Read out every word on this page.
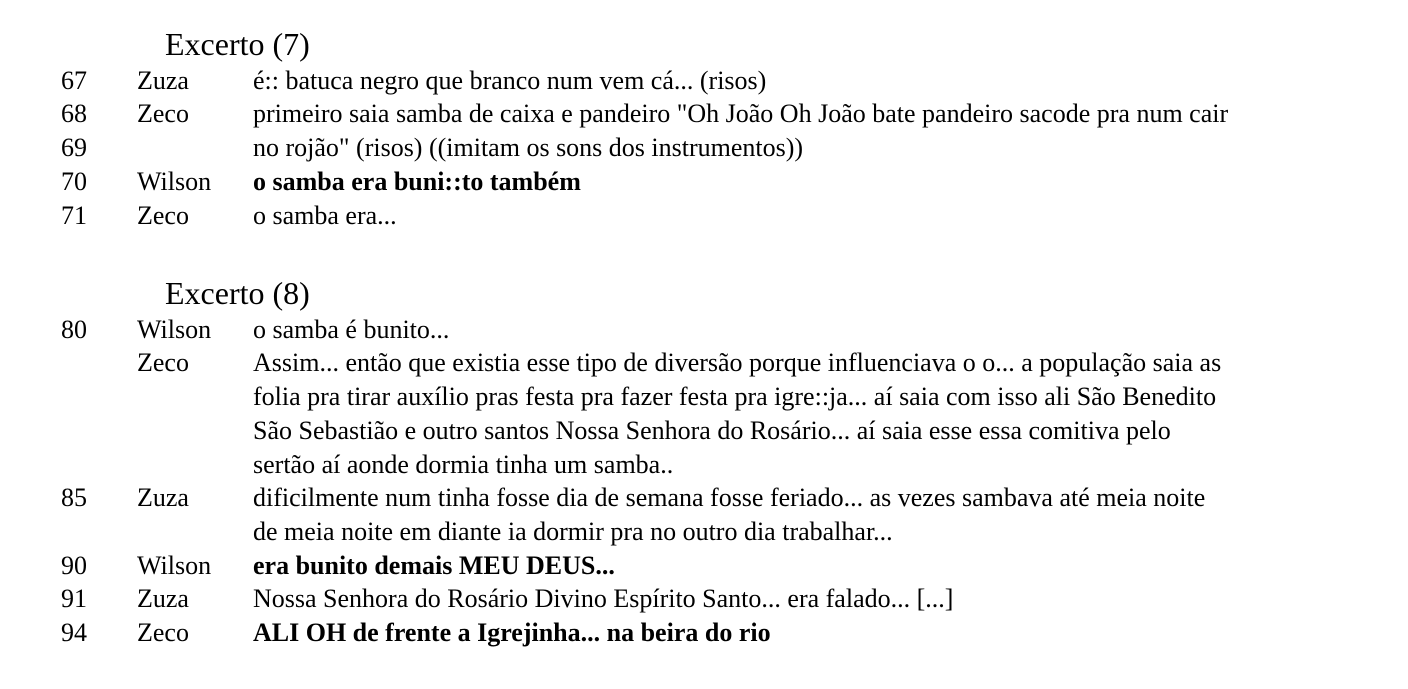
Excerto (7)
67 Zuza é:: batuca negro que branco num vem cá... (risos)
68 Zeco primeiro saia samba de caixa e pandeiro "Oh João Oh João bate pandeiro sacode pra num cair
69	no rojão" (risos) ((imitam os sons dos instrumentos))
70 Wilson o samba era buni::to também
71 Zeco o samba era...
Excerto (8)
80 Wilson o samba é bunito...
Zeco Assim... então que existia esse tipo de diversão porque influenciava o o... a população saia as
folia pra tirar auxílio pras festa pra fazer festa pra igre::ja... aí saia com isso ali São Benedito
São Sebastião e outro santos Nossa Senhora do Rosário... aí saia esse essa comitiva pelo
sertão aí aonde dormia tinha um samba..
85 Zuza dificilmente num tinha fosse dia de semana fosse feriado... as vezes sambava até meia noite
de meia noite em diante ia dormir pra no outro dia trabalhar...
90 Wilson era bunito demais MEU DEUS...
91 Zuza Nossa Senhora do Rosário Divino Espírito Santo... era falado... [...]
94 Zeco ALI OH de frente a Igrejinha... na beira do rio
